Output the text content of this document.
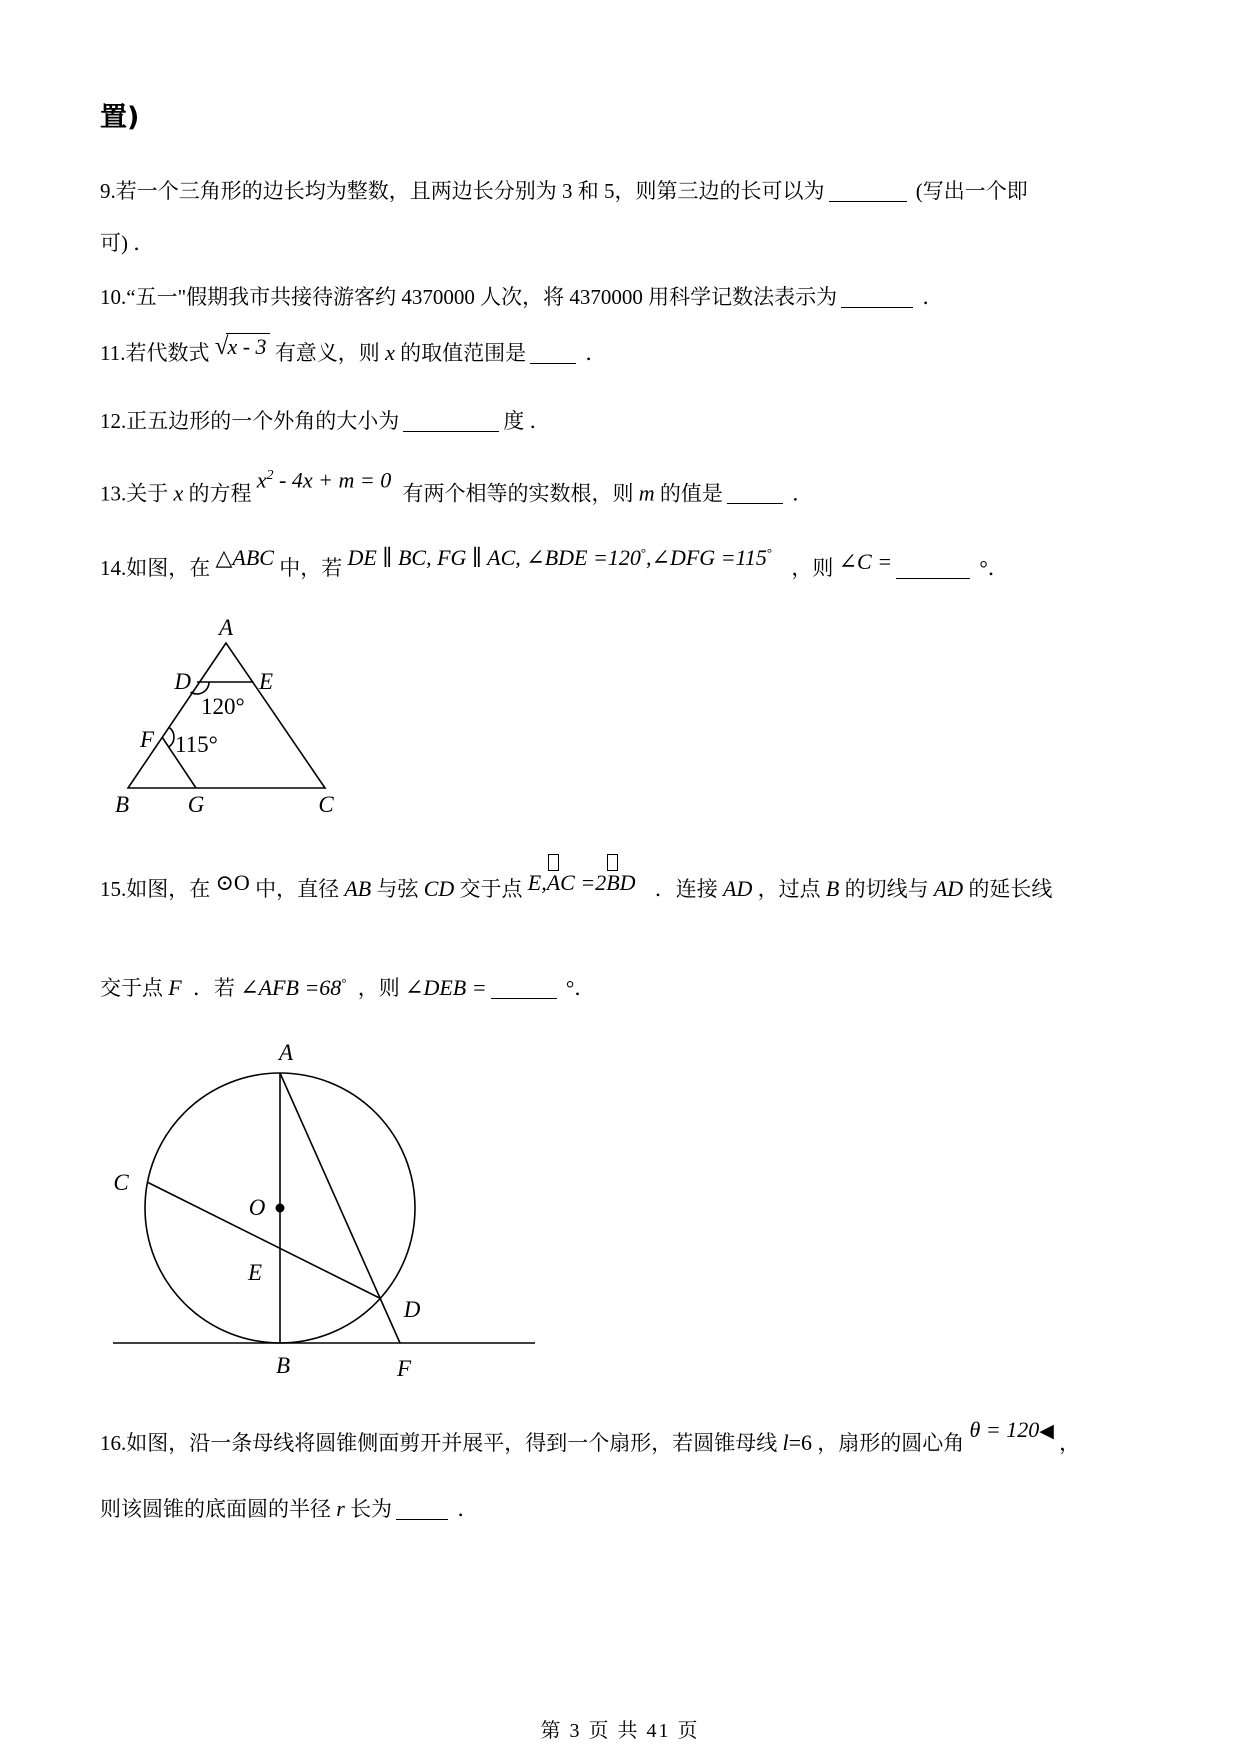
置)
9.若一个三角形的边长均为整数，且两边长分别为 3 和 5，则第三边的长可以为	(写出一个即
可) ．
10.“五一"假期我市共接待游客约 4370000 人次，将 4370000 用科学记数法表示为	．
11.若代数式 √x - 3 有意义，则 x 的取值范围是	．
12.正五边形的一个外角的大小为	度 ．
13.关于 x 的方程 $x^2 - 4x + m = 0$ 有两个相等的实数根，则 m 的值是	．
14.如图，在 △ABC 中，若 DE ∥ BC, FG ∥ AC, ∠BDE =120°,∠DFG =115° ，则 ∠C =	°．
A
D	E
120°
F 115°
B	G	C
15.如图，在 ⊙O 中，直径 AB 与弦 CD 交于点 E,
AC =2
BD ．连接 AD ，过点 B 的切线与 AD 的延长线
交于点 F ．若 ∠AFB =68° ，则 ∠DEB =	°．
A
C
O
E
D
B	F
16.如图，沿一条母线将圆锥侧面剪开并展平，得到一个扇形，若圆锥母线 l=6 ，扇形的圆心角 θ = 120◀ ，
则该圆锥的底面圆的半径 r 长为	．
第 3 页 共 41 页
